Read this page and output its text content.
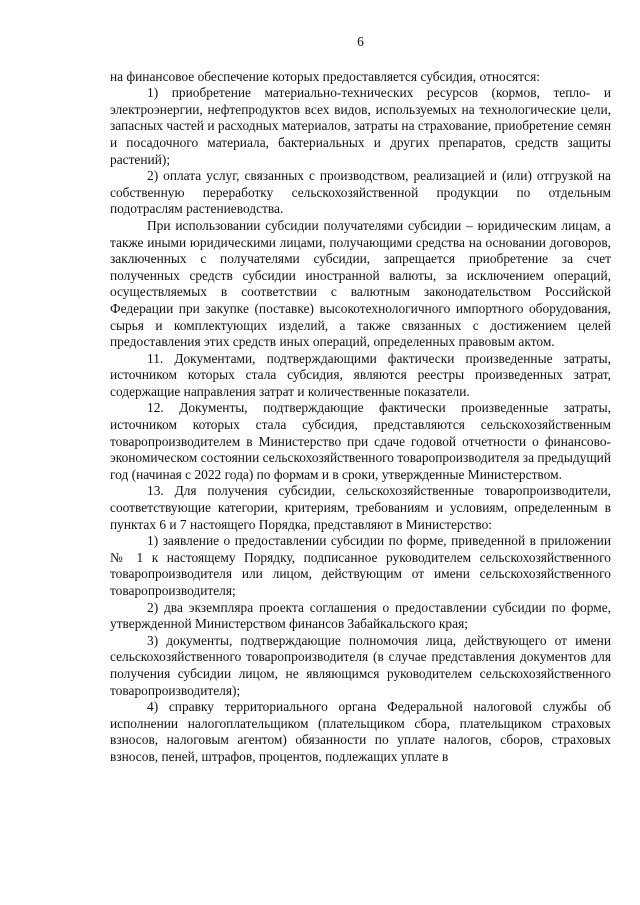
6

на финансовое обеспечение которых предоставляется субсидия, относятся:

1) приобретение материально-технических ресурсов (кормов, тепло- и электроэнергии, нефтепродуктов всех видов, используемых на технологические цели, запасных частей и расходных материалов, затраты на страхование, приобретение семян и посадочного материала, бактериальных и других препаратов, средств защиты растений);

2) оплата услуг, связанных с производством, реализацией и (или) отгрузкой на собственную переработку сельскохозяйственной продукции по отдельным подотраслям растениеводства.

При использовании субсидии получателями субсидии – юридическим лицам, а также иными юридическими лицами, получающими средства на основании договоров, заключенных с получателями субсидии, запрещается приобретение за счет полученных средств субсидии иностранной валюты, за исключением операций, осуществляемых в соответствии с валютным законодательством Российской Федерации при закупке (поставке) высокотехнологичного импортного оборудования, сырья и комплектующих изделий, а также связанных с достижением целей предоставления этих средств иных операций, определенных правовым актом.

11. Документами, подтверждающими фактически произведенные затраты, источником которых стала субсидия, являются реестры произведенных затрат, содержащие направления затрат и количественные показатели.

12. Документы, подтверждающие фактически произведенные затраты, источником которых стала субсидия, представляются сельскохозяйственным товаропроизводителем в Министерство при сдаче годовой отчетности о финансово-экономическом состоянии сельскохозяйственного товаропроизводителя за предыдущий год (начиная с 2022 года) по формам и в сроки, утвержденные Министерством.

13. Для получения субсидии, сельскохозяйственные товаропроизводители, соответствующие категории, критериям, требованиям и условиям, определенным в пунктах 6 и 7 настоящего Порядка, представляют в Министерство:

1) заявление о предоставлении субсидии по форме, приведенной в приложении № 1 к настоящему Порядку, подписанное руководителем сельскохозяйственного товаропроизводителя или лицом, действующим от имени сельскохозяйственного товаропроизводителя;

2) два экземпляра проекта соглашения о предоставлении субсидии по форме, утвержденной Министерством финансов Забайкальского края;

3) документы, подтверждающие полномочия лица, действующего от имени сельскохозяйственного товаропроизводителя (в случае представления документов для получения субсидии лицом, не являющимся руководителем сельскохозяйственного товаропроизводителя);

4) справку территориального органа Федеральной налоговой службы об исполнении налогоплательщиком (плательщиком сбора, плательщиком страховых взносов, налоговым агентом) обязанности по уплате налогов, сборов, страховых взносов, пеней, штрафов, процентов, подлежащих уплате в
